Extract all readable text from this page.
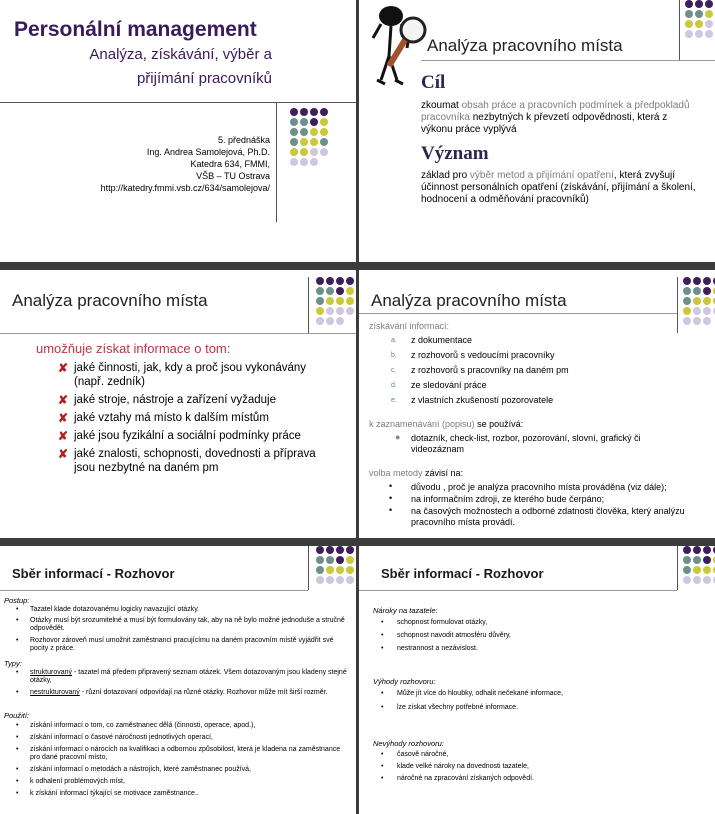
Personální management
Analýza, získávání, výběr a
přijímání pracovníků
5. přednáška
Ing. Andrea Samolejová, Ph.D.
Katedra 634, FMMI,
VŠB – TU Ostrava
http://katedry.fmmi.vsb.cz/634/samolejova/
Analýza pracovního místa
Cíl
zkoumat obsah práce a pracovních podmínek a předpokladů pracovníka nezbytných k převzetí odpovědnosti, která z výkonu práce vyplývá
Význam
základ pro výběr metod a přijímání opatření, která zvyšují účinnost personálních opatření (získávání, přijímání a školení, hodnocení a odměňování pracovníků)
Analýza pracovního místa
umožňuje získat informace o tom:
✘ jaké činnosti, jak, kdy a proč jsou vykonávány (např. zedník)
✘ jaké stroje, nástroje a zařízení vyžaduje
✘ jaké vztahy má místo k dalším místům
✘ jaké jsou fyzikální a sociální podmínky práce
✘ jaké znalosti, schopnosti, dovednosti a příprava jsou nezbytné na daném pm
Analýza pracovního místa
získávání informací:
a. z dokumentace
b. z rozhovorů s vedoucími pracovníky
c. z rozhovorů s pracovníky na daném pm
d. ze sledování práce
e. z vlastních zkušeností pozorovatele
k zaznamenávání (popisu) se používá:
● dotazník, check-list, rozbor, pozorování, slovní, grafický či videozáznam
volba metody závisí na:
• důvodu , proč je analýza pracovního místa prováděna (viz dále);
• na informačním zdroji, ze kterého bude čerpáno;
• na časových možnostech a odborné zdatnosti člověka, který analýzu pracovního místa provádí.
Sběr informací - Rozhovor
Postup:
• Tazatel klade dotazovanému logicky navazující otázky.
• Otázky musí být srozumitelné a musí být formulovány tak, aby na ně bylo možné jednoduše a stručně odpovědět.
• Rozhovor zároveň musí umožnit zaměstnanci pracujícímu na daném pracovním místě vyjádřit své pocity z práce.
Typy:
• strukturovaný - tazatel má předem připravený seznam otázek. Všem dotazovaným jsou kladeny stejné otázky,
• nestrukturovaný - různí dotazovaní odpovídají na různé otázky. Rozhovor může mít širší rozměr.
Použití:
• získání informací o tom, co zaměstnanec dělá (činnosti, operace, apod.),
• získání informací o časové náročnosti jednotlivých operací,
• získání informací o nárocích na kvalifikaci a odbornou způsobilost, která je kladena na zaměstnance pro dané pracovní místo,
• získání informací o metodách a nástrojích, které zaměstnanec používá,
• k odhalení problémových míst,
• k získání informací týkající se motivace zaměstnance..
Sběr informací - Rozhovor
Nároky na tazatele:
• schopnost formulovat otázky,
• schopnost navodit atmosféru důvěry,
• nestrannost a nezávislost.
Výhody rozhovoru:
• Může jít více do hloubky, odhalit nečekané informace,
• lze získat všechny potřebné informace.
Nevýhody rozhovoru:
• časově náročné,
• klade velké nároky na dovednosti tazatele,
• náročné na zpracování získaných odpovědí.
